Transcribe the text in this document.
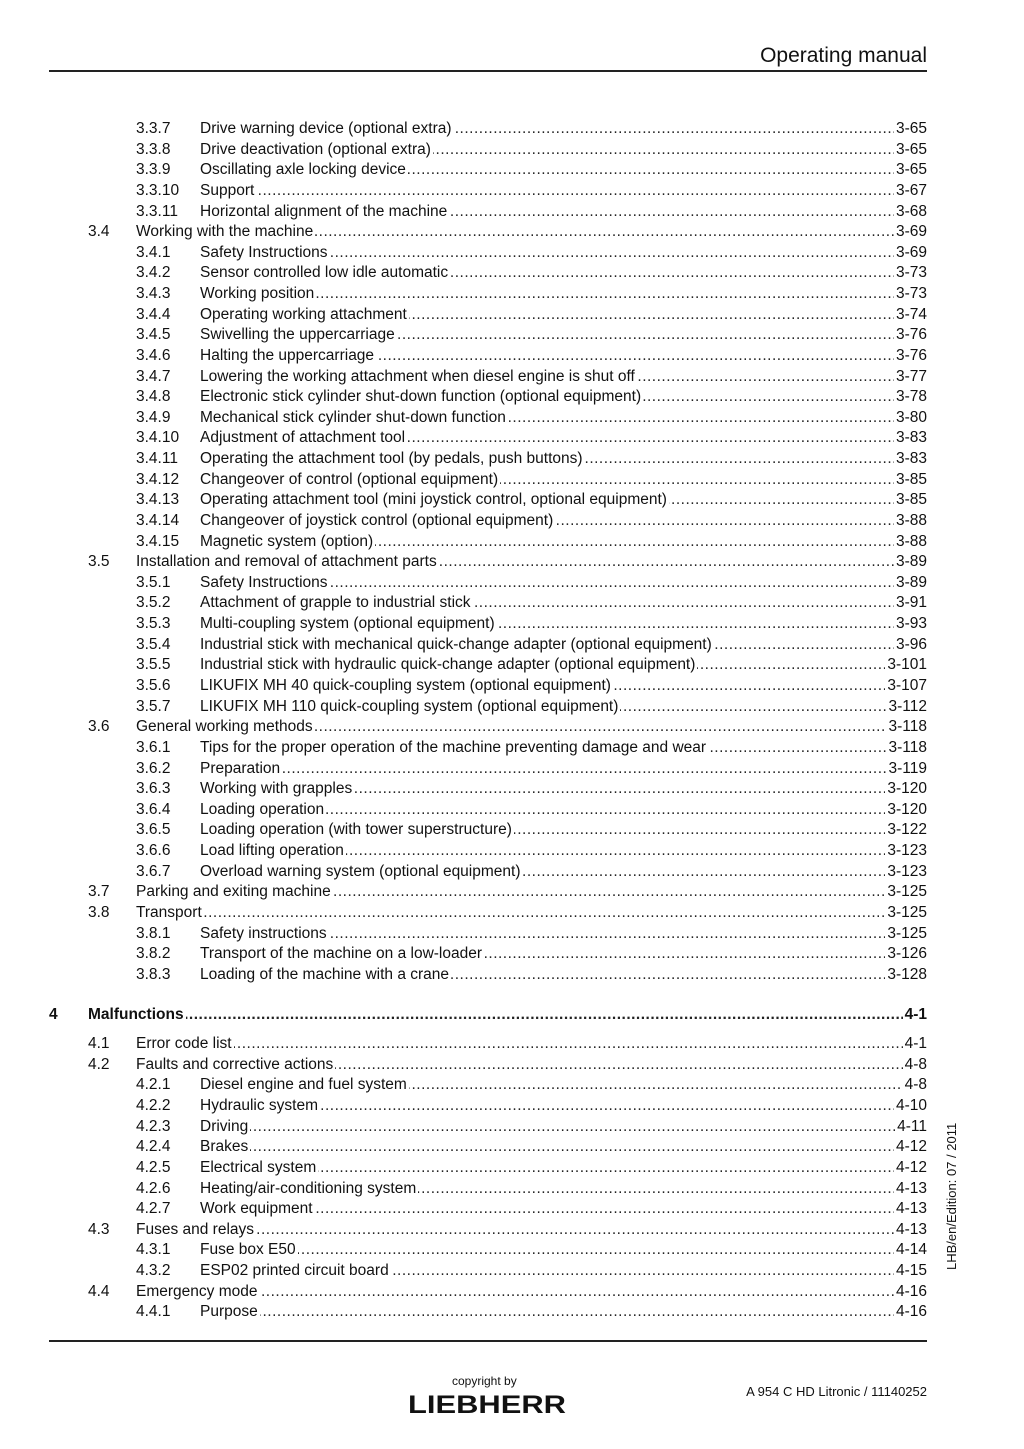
Operating manual
3.3.7 ..... Drive warning device (optional extra)	3-65
3.3.8 ..... Drive deactivation (optional extra)	3-65
3.3.9 ..... Oscillating axle locking device	3-65
3.3.10 ..... Support	3-67
3.3.11 ..... Horizontal alignment of the machine	3-68
3.4 ..... Working with the machine	3-69
3.4.1 ..... Safety Instructions	3-69
3.4.2 ..... Sensor controlled low idle automatic	3-73
3.4.3 ..... Working position	3-73
3.4.4 ..... Operating working attachment	3-74
3.4.5 ..... Swivelling the uppercarriage	3-76
3.4.6 ..... Halting the uppercarriage	3-76
3.4.7 ..... Lowering the working attachment when diesel engine is shut off	3-77
3.4.8 ..... Electronic stick cylinder shut-down function (optional equipment)	3-78
3.4.9 ..... Mechanical stick cylinder shut-down function	3-80
3.4.10 ..... Adjustment of attachment tool	3-83
3.4.11 ..... Operating the attachment tool (by pedals, push buttons)	3-83
3.4.12 ..... Changeover of control (optional equipment)	3-85
3.4.13 ..... Operating attachment tool (mini joystick control, optional equipment)	3-85
3.4.14 ..... Changeover of joystick control (optional equipment)	3-88
3.4.15 ..... Magnetic system (option)	3-88
3.5 ..... Installation and removal of attachment parts	3-89
3.5.1 ..... Safety Instructions	3-89
3.5.2 ..... Attachment of grapple to industrial stick	3-91
3.5.3 ..... Multi-coupling system (optional equipment)	3-93
3.5.4 ..... Industrial stick with mechanical quick-change adapter (optional equipment)	3-96
3.5.5 ..... Industrial stick with hydraulic quick-change adapter (optional equipment)	3-101
3.5.6 ..... LIKUFIX MH 40 quick-coupling system (optional equipment)	3-107
3.5.7 ..... LIKUFIX MH 110 quick-coupling system (optional equipment)	3-112
3.6 ..... General working methods	3-118
3.6.1 ..... Tips for the proper operation of the machine preventing damage and wear	3-118
3.6.2 ..... Preparation	3-119
3.6.3 ..... Working with grapples	3-120
3.6.4 ..... Loading operation	3-120
3.6.5 ..... Loading operation (with tower superstructure)	3-122
3.6.6 ..... Load lifting operation	3-123
3.6.7 ..... Overload warning system (optional equipment)	3-123
3.7 ..... Parking and exiting machine	3-125
3.8 ..... Transport	3-125
3.8.1 ..... Safety instructions	3-125
3.8.2 ..... Transport of the machine on a low-loader	3-126
3.8.3 ..... Loading of the machine with a crane	3-128
4 ..... Malfunctions	4-1
4.1 ..... Error code list	4-1
4.2 ..... Faults and corrective actions	4-8
4.2.1 ..... Diesel engine and fuel system	4-8
4.2.2 ..... Hydraulic system	4-10
4.2.3 ..... Driving	4-11
4.2.4 ..... Brakes	4-12
4.2.5 ..... Electrical system	4-12
4.2.6 ..... Heating/air-conditioning system	4-13
4.2.7 ..... Work equipment	4-13
4.3 ..... Fuses and relays	4-13
4.3.1 ..... Fuse box E50	4-14
4.3.2 ..... ESP02 printed circuit board	4-15
4.4 ..... Emergency mode	4-16
4.4.1 ..... Purpose	4-16
LHB/en/Edition: 07 / 2011
copyright by
LIEBHERR	A 954 C HD Litronic / 11140252
